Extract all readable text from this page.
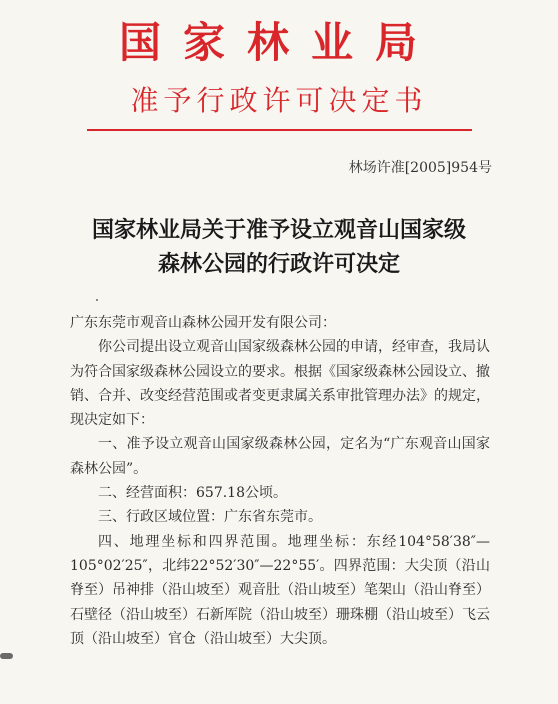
国家林业局
准予行政许可决定书
林场许准[2005]954号
国家林业局关于准予设立观音山国家级
森林公园的行政许可决定

广东东莞市观音山森林公园开发有限公司：

你公司提出设立观音山国家级森林公园的申请，经审查，我局认为符合国家级森林公园设立的要求。根据《国家级森林公园设立、撤销、合并、改变经营范围或者变更隶属关系审批管理办法》的规定，现决定如下：

一、准予设立观音山国家级森林公园，定名为“广东观音山国家森林公园”。

二、经营面积：657.18公顷。

三、行政区域位置：广东省东莞市。

四、地理坐标和四界范围。地理坐标：东经104°58′38″—105°02′25″，北纬22°52′30″—22°55′。四界范围：大尖顶（沿山脊至）吊神排（沿山坡至）观音肚（沿山坡至）笔架山（沿山脊至）石壁径（沿山坡至）石新厍院（沿山坡至）珊珠棚（沿山坡至）飞云顶（沿山坡至）官仓（沿山坡至）大尖顶。
